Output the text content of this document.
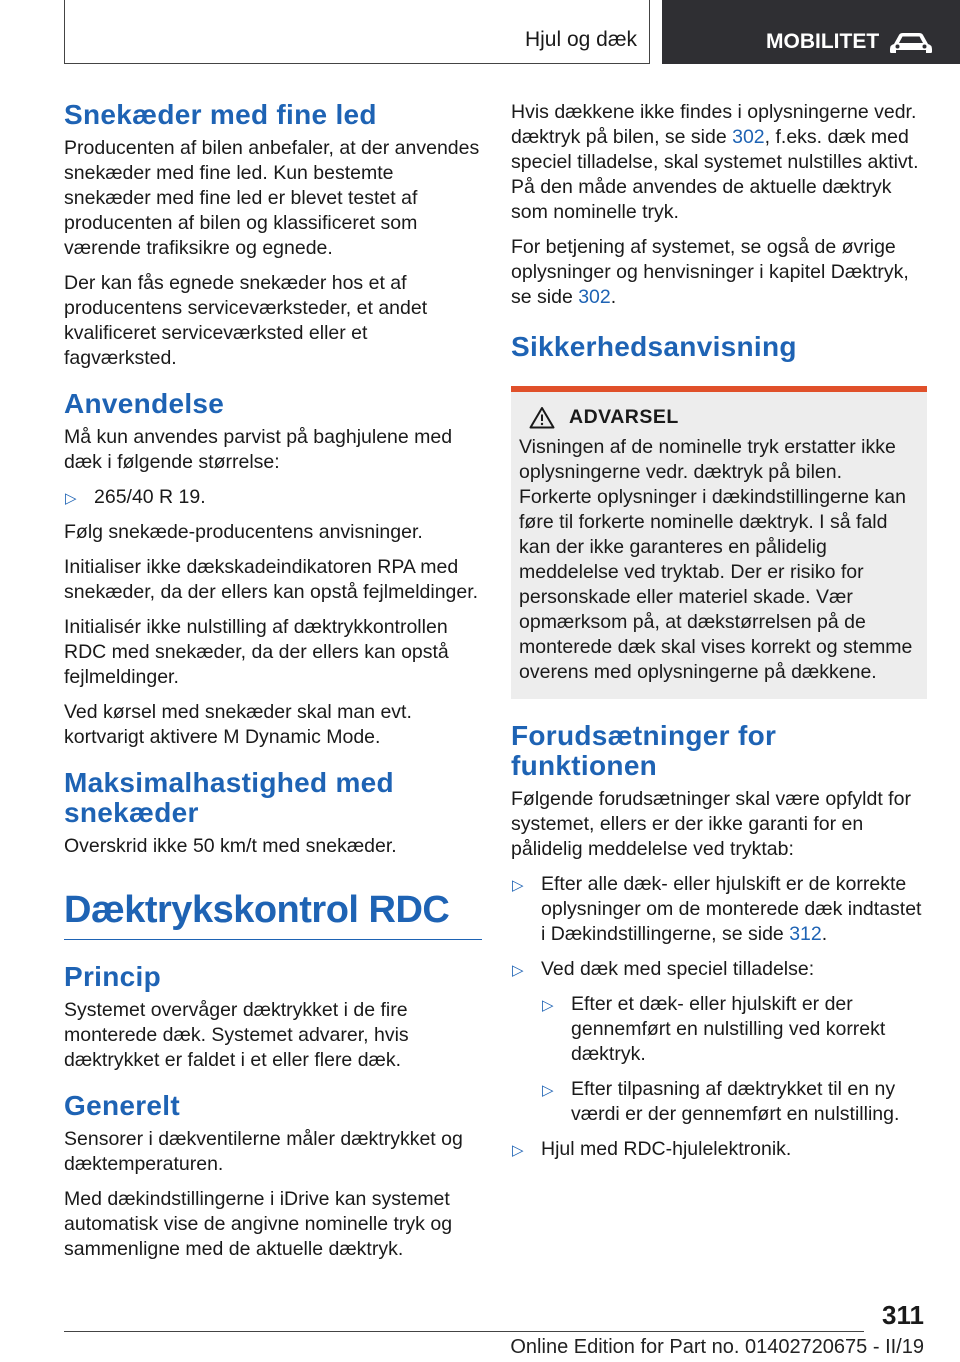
Hjul og dæk	MOBILITET
Snekæder med fine led

Producenten af bilen anbefaler, at der anvendes snekæder med fine led. Kun bestemte snekæder med fine led er blevet testet af producenten af bilen og klassificeret som værende trafiksikre og egnede.

Der kan fås egnede snekæder hos et af producentens serviceværksteder, et andet kvalificeret serviceværksted eller et fagværksted.

Anvendelse

Må kun anvendes parvist på baghjulene med dæk i følgende størrelse:

▷ 265/40 R 19.

Følg snekæde-producentens anvisninger.

Initialiser ikke dækskadeindikatoren RPA med snekæder, da der ellers kan opstå fejlmeldinger.

Initialisér ikke nulstilling af dæktrykkontrollen RDC med snekæder, da der ellers kan opstå fejlmeldinger.

Ved kørsel med snekæder skal man evt. kortvarigt aktivere M Dynamic Mode.

Maksimalhastighed med snekæder

Overskrid ikke 50 km/t med snekæder.

Dæktrykskontrol RDC
Princip

Systemet overvåger dæktrykket i de fire monterede dæk. Systemet advarer, hvis dæktrykket er faldet i et eller flere dæk.

Generelt

Sensorer i dækventilerne måler dæktrykket og dæktemperaturen.

Med dækindstillingerne i iDrive kan systemet automatisk vise de angivne nominelle tryk og sammenligne med de aktuelle dæktryk.

Hvis dækkene ikke findes i oplysningerne vedr. dæktryk på bilen, se side 302, f.eks. dæk med speciel tilladelse, skal systemet nulstilles aktivt. På den måde anvendes de aktuelle dæktryk som nominelle tryk.

For betjening af systemet, se også de øvrige oplysninger og henvisninger i kapitel Dæktryk, se side 302.

Sikkerhedsanvisning
ADVARSEL

Visningen af de nominelle tryk erstatter ikke oplysningerne vedr. dæktryk på bilen. Forkerte oplysninger i dækindstillingerne kan føre til forkerte nominelle dæktryk. I så fald kan der ikke garanteres en pålidelig meddelelse ved tryktab. Der er risiko for personskade eller materiel skade. Vær opmærksom på, at dækstørrelsen på de monterede dæk skal vises korrekt og stemme overens med oplysningerne på dækkene.

Forudsætninger for funktionen

Følgende forudsætninger skal være opfyldt for systemet, ellers er der ikke garanti for en pålidelig meddelelse ved tryktab:

▷ Efter alle dæk- eller hjulskift er de korrekte oplysninger om de monterede dæk indtastet i Dækindstillingerne, se side 312.
▷ Ved dæk med speciel tilladelse:
▷ Efter et dæk- eller hjulskift er der gennemført en nulstilling ved korrekt dæktryk.
▷ Efter tilpasning af dæktrykket til en ny værdi er der gennemført en nulstilling.
▷ Hjul med RDC-hjulelektronik.
311
Online Edition for Part no. 01402720675 - II/19
